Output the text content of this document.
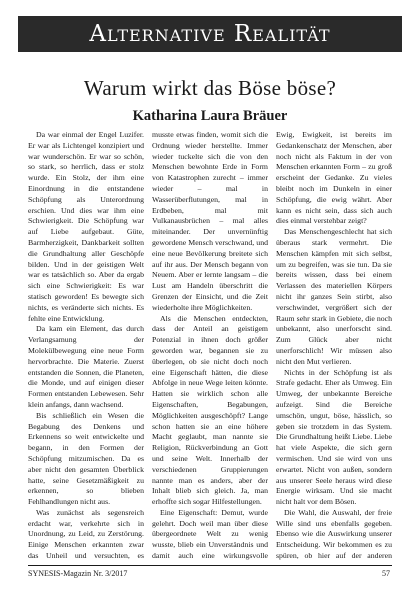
Alternative Realität
Warum wirkt das Böse böse?
Katharina Laura Bräuer

Da war einmal der Engel Luzifer. Er war als Lichtengel konzipiert und war wunderschön. Er war so schön, so stark, so herrlich, dass er stolz wurde. Ein Stolz, der ihm eine Einordnung in die entstandene Schöpfung als Unterordnung erschien. Und dies war ihm eine Schwierigkeit. Die Schöpfung war auf Liebe aufgebaut. Güte, Barmherzigkeit, Dankbarkeit sollten die Grundhaltung aller Geschöpfe bilden. Und in der geistigen Welt war es tatsächlich so. Aber da ergab sich eine Schwierigkeit: Es war statisch geworden! Es bewegte sich nichts, es veränderte sich nichts. Es fehlte eine Entwicklung.

Da kam ein Element, das durch Verlangsamung der Molekülbewegung eine neue Form hervorbrachte. Die Materie. Zuerst entstanden die Sonnen, die Planeten, die Monde, und auf einigen dieser Formen entstanden Lebewesen. Sehr klein anfangs, dann wachsend.

Bis schließlich ein Wesen die Begabung des Denkens und Erkennens so weit entwickelte und begann, in den Formen der Schöpfung mitzumischen. Da es aber nicht den gesamten Überblick hatte, seine Gesetzmäßigkeit zu erkennen, so blieben Fehlhandlungen nicht aus.

Was zunächst als segensreich erdacht war, verkehrte sich in Unordnung, zu Leid, zu Zerstörung. Einige Menschen erkannten zwar das Unheil und versuchten, es

musste etwas finden, womit sich die Ordnung wieder herstellte. Immer wieder tuckelte sich die von den Menschen bewohnte Erde in Form von Katastrophen zurecht – immer wieder – mal in Wasserüberflutungen, mal in Erdbeben, mal mit Vulkanausbrüchen – mal alles miteinander. Der unvernünftig gewordene Mensch verschwand, und eine neue Bevölkerung breitete sich auf ihr aus. Der Mensch begann von Neuem. Aber er lernte langsam – die Lust am Handeln überschritt die Grenzen der Einsicht, und die Zeit wiederholte ihre Möglichkeiten.

Als die Menschen entdeckten, dass der Anteil an geistigem Potenzial in ihnen doch größer geworden war, begannen sie zu überlegen, ob sie nicht doch noch eine Eigenschaft hätten, die diese Abfolge in neue Wege leiten könnte. Hatten sie wirklich schon alle Eigenschaften, Begabungen, Möglichkeiten ausgeschöpft? Lange schon hatten sie an eine höhere Macht geglaubt, man nannte sie Religion, Rückverbindung an Gott und seine Welt. Innerhalb der verschiedenen Gruppierungen nannte man es anders, aber der Inhalt blieb sich gleich. Ja, man erhoffte sich sogar Hilfestellungen.

Eine Eigenschaft: Demut, wurde gelehrt. Doch weil man über diese übergeordnete Welt zu wenig wusste, blieb ein Unverständnis und damit auch eine wirkungsvolle

Ewig, Ewigkeit, ist bereits im Gedankenschatz der Menschen, aber noch nicht als Faktum in der von Menschen erkannten Form – zu groß erscheint der Gedanke. Zu vieles bleibt noch im Dunkeln in einer Schöpfung, die ewig währt. Aber kann es nicht sein, dass sich auch dies einmal verstehbar zeigt?

Das Menschengeschlecht hat sich überaus stark vermehrt. Die Menschen kämpfen mit sich selbst, um zu begreifen, was sie tun. Da sie bereits wissen, dass bei einem Verlassen des materiellen Körpers nicht ihr ganzes Sein stirbt, also verschwindet, vergrößert sich der Raum sehr stark in Gebiete, die noch unbekannt, also unerforscht sind. Zum Glück aber nicht unerforschlich! Wir müssen also nicht den Mut verlieren.

Nichts in der Schöpfung ist als Strafe gedacht. Eher als Umweg. Ein Umweg, der unbekannte Bereiche aufzeigt. Sind die Bereiche umschön, ungut, böse, hässlich, so geben sie trotzdem in das System. Die Grundhaltung heißt Liebe. Liebe hat viele Aspekte, die sich gern vermischen. Und sie wird von uns erwartet. Nicht von außen, sondern aus unserer Seele heraus wird diese Energie wirksam. Und sie macht nicht halt vor dem Bösen.

Die Wahl, die Auswahl, der freie Wille sind uns ebenfalls gegeben. Ebenso wie die Auswirkung unserer Entscheidung. Wir bekommen es zu spüren, ob hier auf der anderen

SYNESIS-Magazin Nr. 3/2017	57
